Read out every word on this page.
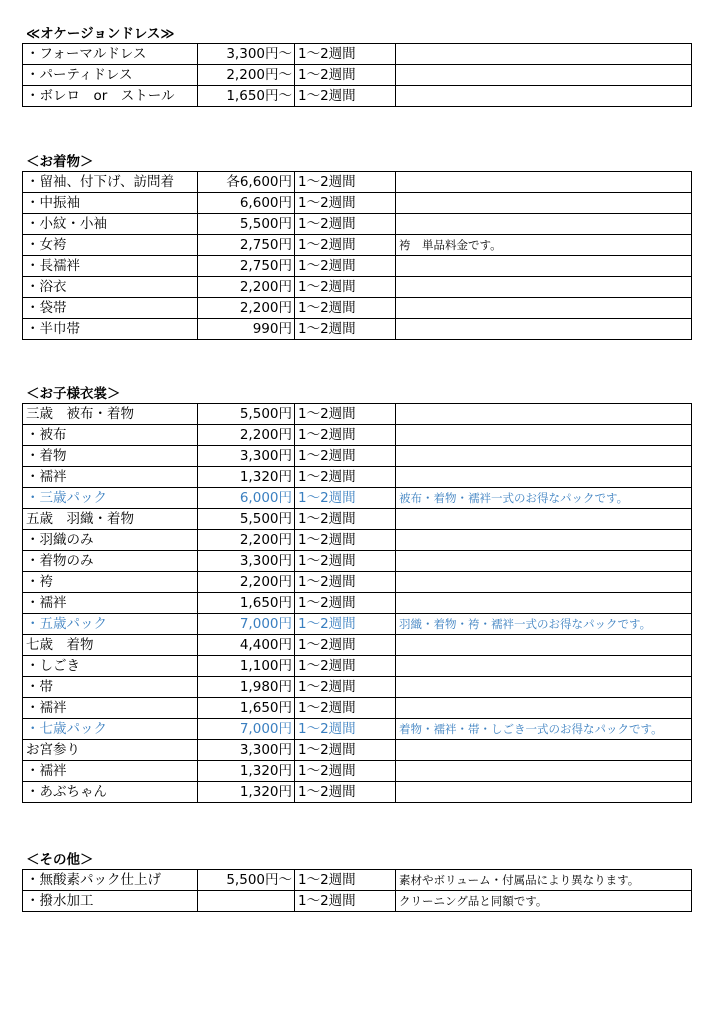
≪オケージョンドレス≫
・フォーマルドレス	3,300円～	1～2週間	
・パーティドレス	2,200円～	1～2週間	
・ボレロ　or　ストール	1,650円～	1～2週間	
＜お着物＞
・留袖、付下げ、訪問着	各6,600円	1～2週間	
・中振袖	6,600円	1～2週間	
・小紋・小袖	5,500円	1～2週間	
・女袴	2,750円	1～2週間	袴　単品料金です。
・長襦袢	2,750円	1～2週間	
・浴衣	2,200円	1～2週間	
・袋帯	2,200円	1～2週間	
・半巾帯	990円	1～2週間	
＜お子様衣裳＞
三歳　被布・着物	5,500円	1～2週間	
・被布	2,200円	1～2週間	
・着物	3,300円	1～2週間	
・襦袢	1,320円	1～2週間	
・三歳パック	6,000円	1～2週間	被布・着物・襦袢一式のお得なパックです。
五歳　羽織・着物	5,500円	1～2週間	
・羽織のみ	2,200円	1～2週間	
・着物のみ	3,300円	1～2週間	
・袴	2,200円	1～2週間	
・襦袢	1,650円	1～2週間	
・五歳パック	7,000円	1～2週間	羽織・着物・袴・襦袢一式のお得なパックです。
七歳　着物	4,400円	1～2週間	
・しごき	1,100円	1～2週間	
・帯	1,980円	1～2週間	
・襦袢	1,650円	1～2週間	
・七歳パック	7,000円	1～2週間	着物・襦袢・帯・しごき一式のお得なパックです。
お宮参り	3,300円	1～2週間	
・襦袢	1,320円	1～2週間	
・あぶちゃん	1,320円	1～2週間	
＜その他＞
・無酸素パック仕上げ	5,500円～	1～2週間	素材やボリューム・付属品により異なります。
・撥水加工		1～2週間	クリーニング品と同額です。
